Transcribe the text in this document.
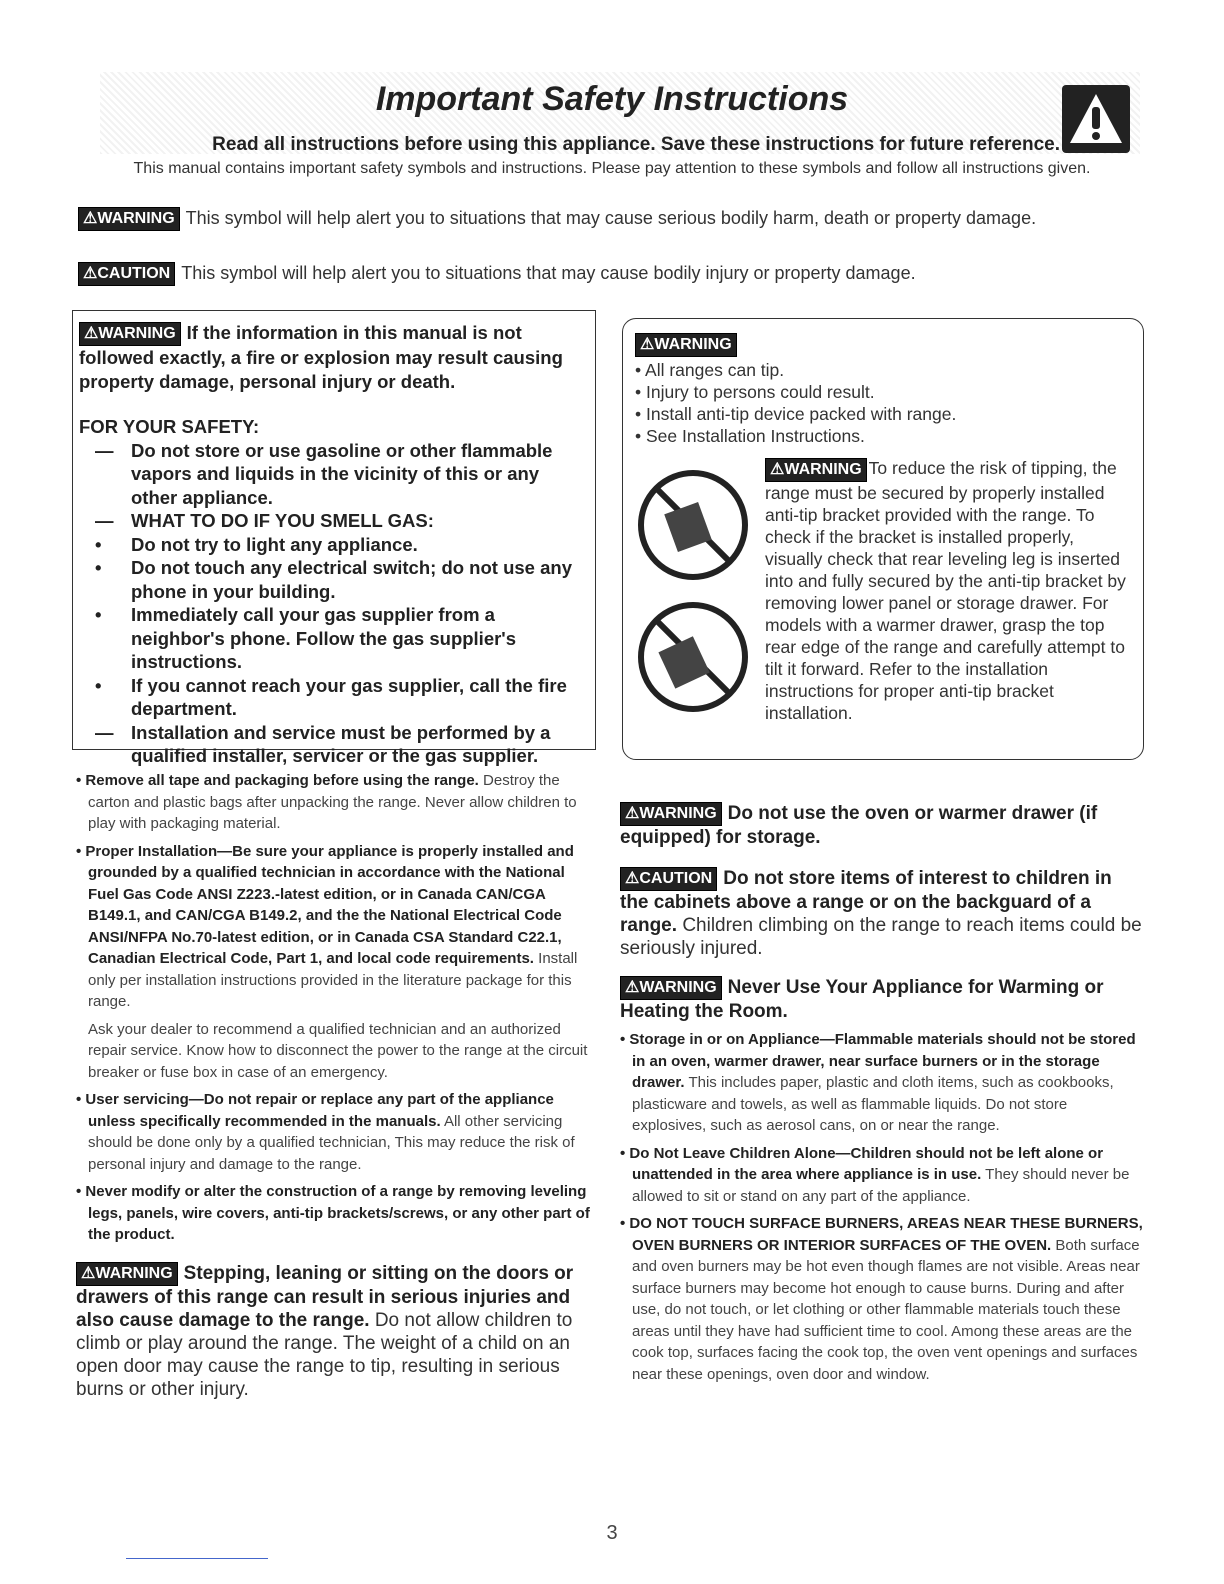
Important Safety Instructions
Read all instructions before using this appliance. Save these instructions for future reference.
This manual contains important safety symbols and instructions. Please pay attention to these symbols and follow all instructions given.
⚠WARNING This symbol will help alert you to situations that may cause serious bodily harm, death or property damage.
⚠CAUTION This symbol will help alert you to situations that may cause bodily injury or property damage.
⚠WARNING If the information in this manual is not followed exactly, a fire or explosion may result causing property damage, personal injury or death.
FOR YOUR SAFETY:
— Do not store or use gasoline or other flammable vapors and liquids in the vicinity of this or any other appliance.
— WHAT TO DO IF YOU SMELL GAS:
• Do not try to light any appliance.
• Do not touch any electrical switch; do not use any phone in your building.
• Immediately call your gas supplier from a neighbor's phone. Follow the gas supplier's instructions.
• If you cannot reach your gas supplier, call the fire department.
— Installation and service must be performed by a qualified installer, servicer or the gas supplier.
⚠WARNING
• All ranges can tip.
• Injury to persons could result.
• Install anti-tip device packed with range.
• See Installation Instructions.
⚠WARNING To reduce the risk of tipping, the range must be secured by properly installed anti-tip bracket provided with the range. To check if the bracket is installed properly, visually check that rear leveling leg is inserted into and fully secured by the anti-tip bracket by removing lower panel or storage drawer. For models with a warmer drawer, grasp the top rear edge of the range and carefully attempt to tilt it forward. Refer to the installation instructions for proper anti-tip bracket installation.
• Remove all tape and packaging before using the range. Destroy the carton and plastic bags after unpacking the range. Never allow children to play with packaging material.
• Proper Installation—Be sure your appliance is properly installed and grounded by a qualified technician in accordance with the National Fuel Gas Code ANSI Z223.-latest edition, or in Canada CAN/CGA B149.1, and CAN/CGA B149.2, and the the National Electrical Code ANSI/NFPA No.70-latest edition, or in Canada CSA Standard C22.1, Canadian Electrical Code, Part 1, and local code requirements. Install only per installation instructions provided in the literature package for this range.
Ask your dealer to recommend a qualified technician and an authorized repair service. Know how to disconnect the power to the range at the circuit breaker or fuse box in case of an emergency.
• User servicing—Do not repair or replace any part of the appliance unless specifically recommended in the manuals. All other servicing should be done only by a qualified technician, This may reduce the risk of personal injury and damage to the range.
• Never modify or alter the construction of a range by removing leveling legs, panels, wire covers, anti-tip brackets/screws, or any other part of the product.
⚠WARNING Stepping, leaning or sitting on the doors or drawers of this range can result in serious injuries and also cause damage to the range. Do not allow children to climb or play around the range. The weight of a child on an open door may cause the range to tip, resulting in serious burns or other injury.
⚠WARNING Do not use the oven or warmer drawer (if equipped) for storage.
⚠CAUTION Do not store items of interest to children in the cabinets above a range or on the backguard of a range. Children climbing on the range to reach items could be seriously injured.
⚠WARNING Never Use Your Appliance for Warming or Heating the Room.
• Storage in or on Appliance—Flammable materials should not be stored in an oven, warmer drawer, near surface burners or in the storage drawer. This includes paper, plastic and cloth items, such as cookbooks, plasticware and towels, as well as flammable liquids. Do not store explosives, such as aerosol cans, on or near the range.
• Do Not Leave Children Alone—Children should not be left alone or unattended in the area where appliance is in use. They should never be allowed to sit or stand on any part of the appliance.
• DO NOT TOUCH SURFACE BURNERS, AREAS NEAR THESE BURNERS, OVEN BURNERS OR INTERIOR SURFACES OF THE OVEN. Both surface and oven burners may be hot even though flames are not visible. Areas near surface burners may become hot enough to cause burns. During and after use, do not touch, or let clothing or other flammable materials touch these areas until they have had sufficient time to cool. Among these areas are the cook top, surfaces facing the cook top, the oven vent openings and surfaces near these openings, oven door and window.
3
